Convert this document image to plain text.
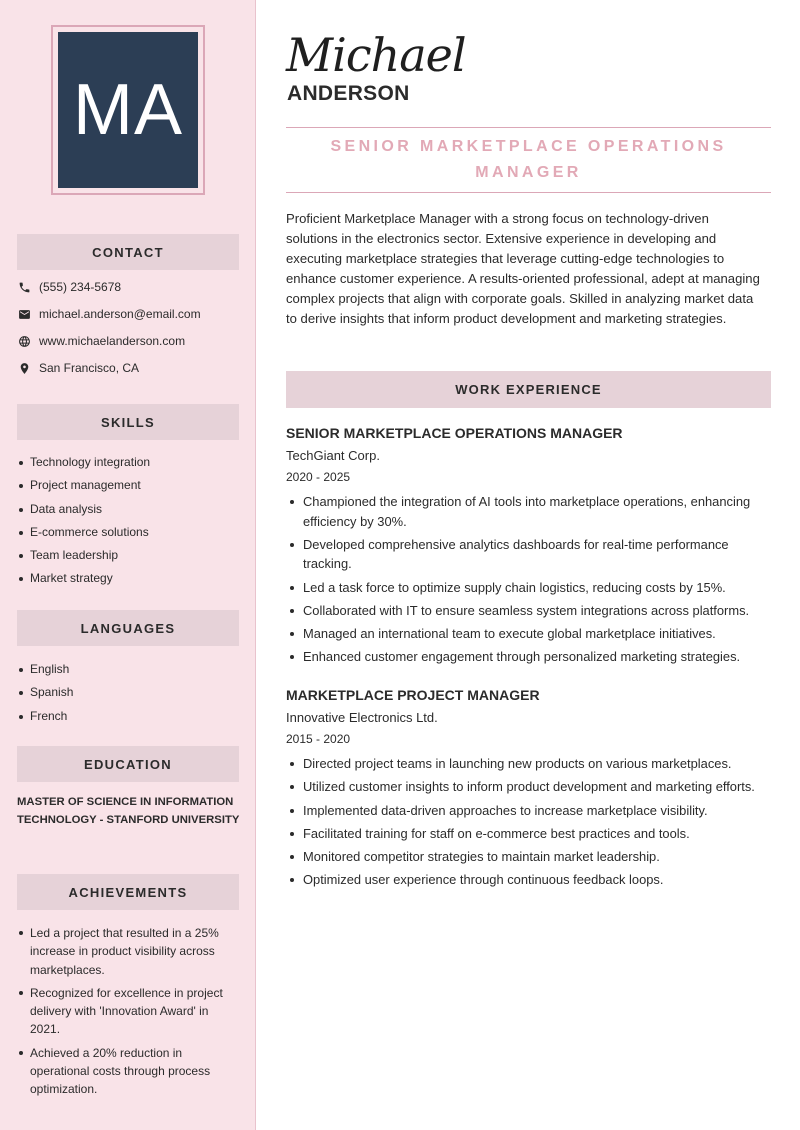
MA
CONTACT
(555) 234-5678
michael.anderson@email.com
www.michaelanderson.com
San Francisco, CA
SKILLS
Technology integration
Project management
Data analysis
E-commerce solutions
Team leadership
Market strategy
LANGUAGES
English
Spanish
French
EDUCATION
MASTER OF SCIENCE IN INFORMATION TECHNOLOGY - STANFORD UNIVERSITY
ACHIEVEMENTS
Led a project that resulted in a 25% increase in product visibility across marketplaces.
Recognized for excellence in project delivery with 'Innovation Award' in 2021.
Achieved a 20% reduction in operational costs through process optimization.
Michael
ANDERSON
SENIOR MARKETPLACE OPERATIONS MANAGER
Proficient Marketplace Manager with a strong focus on technology-driven solutions in the electronics sector. Extensive experience in developing and executing marketplace strategies that leverage cutting-edge technologies to enhance customer experience. A results-oriented professional, adept at managing complex projects that align with corporate goals. Skilled in analyzing market data to derive insights that inform product development and marketing strategies.
WORK EXPERIENCE
SENIOR MARKETPLACE OPERATIONS MANAGER
TechGiant Corp.
2020 - 2025
Championed the integration of AI tools into marketplace operations, enhancing efficiency by 30%.
Developed comprehensive analytics dashboards for real-time performance tracking.
Led a task force to optimize supply chain logistics, reducing costs by 15%.
Collaborated with IT to ensure seamless system integrations across platforms.
Managed an international team to execute global marketplace initiatives.
Enhanced customer engagement through personalized marketing strategies.
MARKETPLACE PROJECT MANAGER
Innovative Electronics Ltd.
2015 - 2020
Directed project teams in launching new products on various marketplaces.
Utilized customer insights to inform product development and marketing efforts.
Implemented data-driven approaches to increase marketplace visibility.
Facilitated training for staff on e-commerce best practices and tools.
Monitored competitor strategies to maintain market leadership.
Optimized user experience through continuous feedback loops.
